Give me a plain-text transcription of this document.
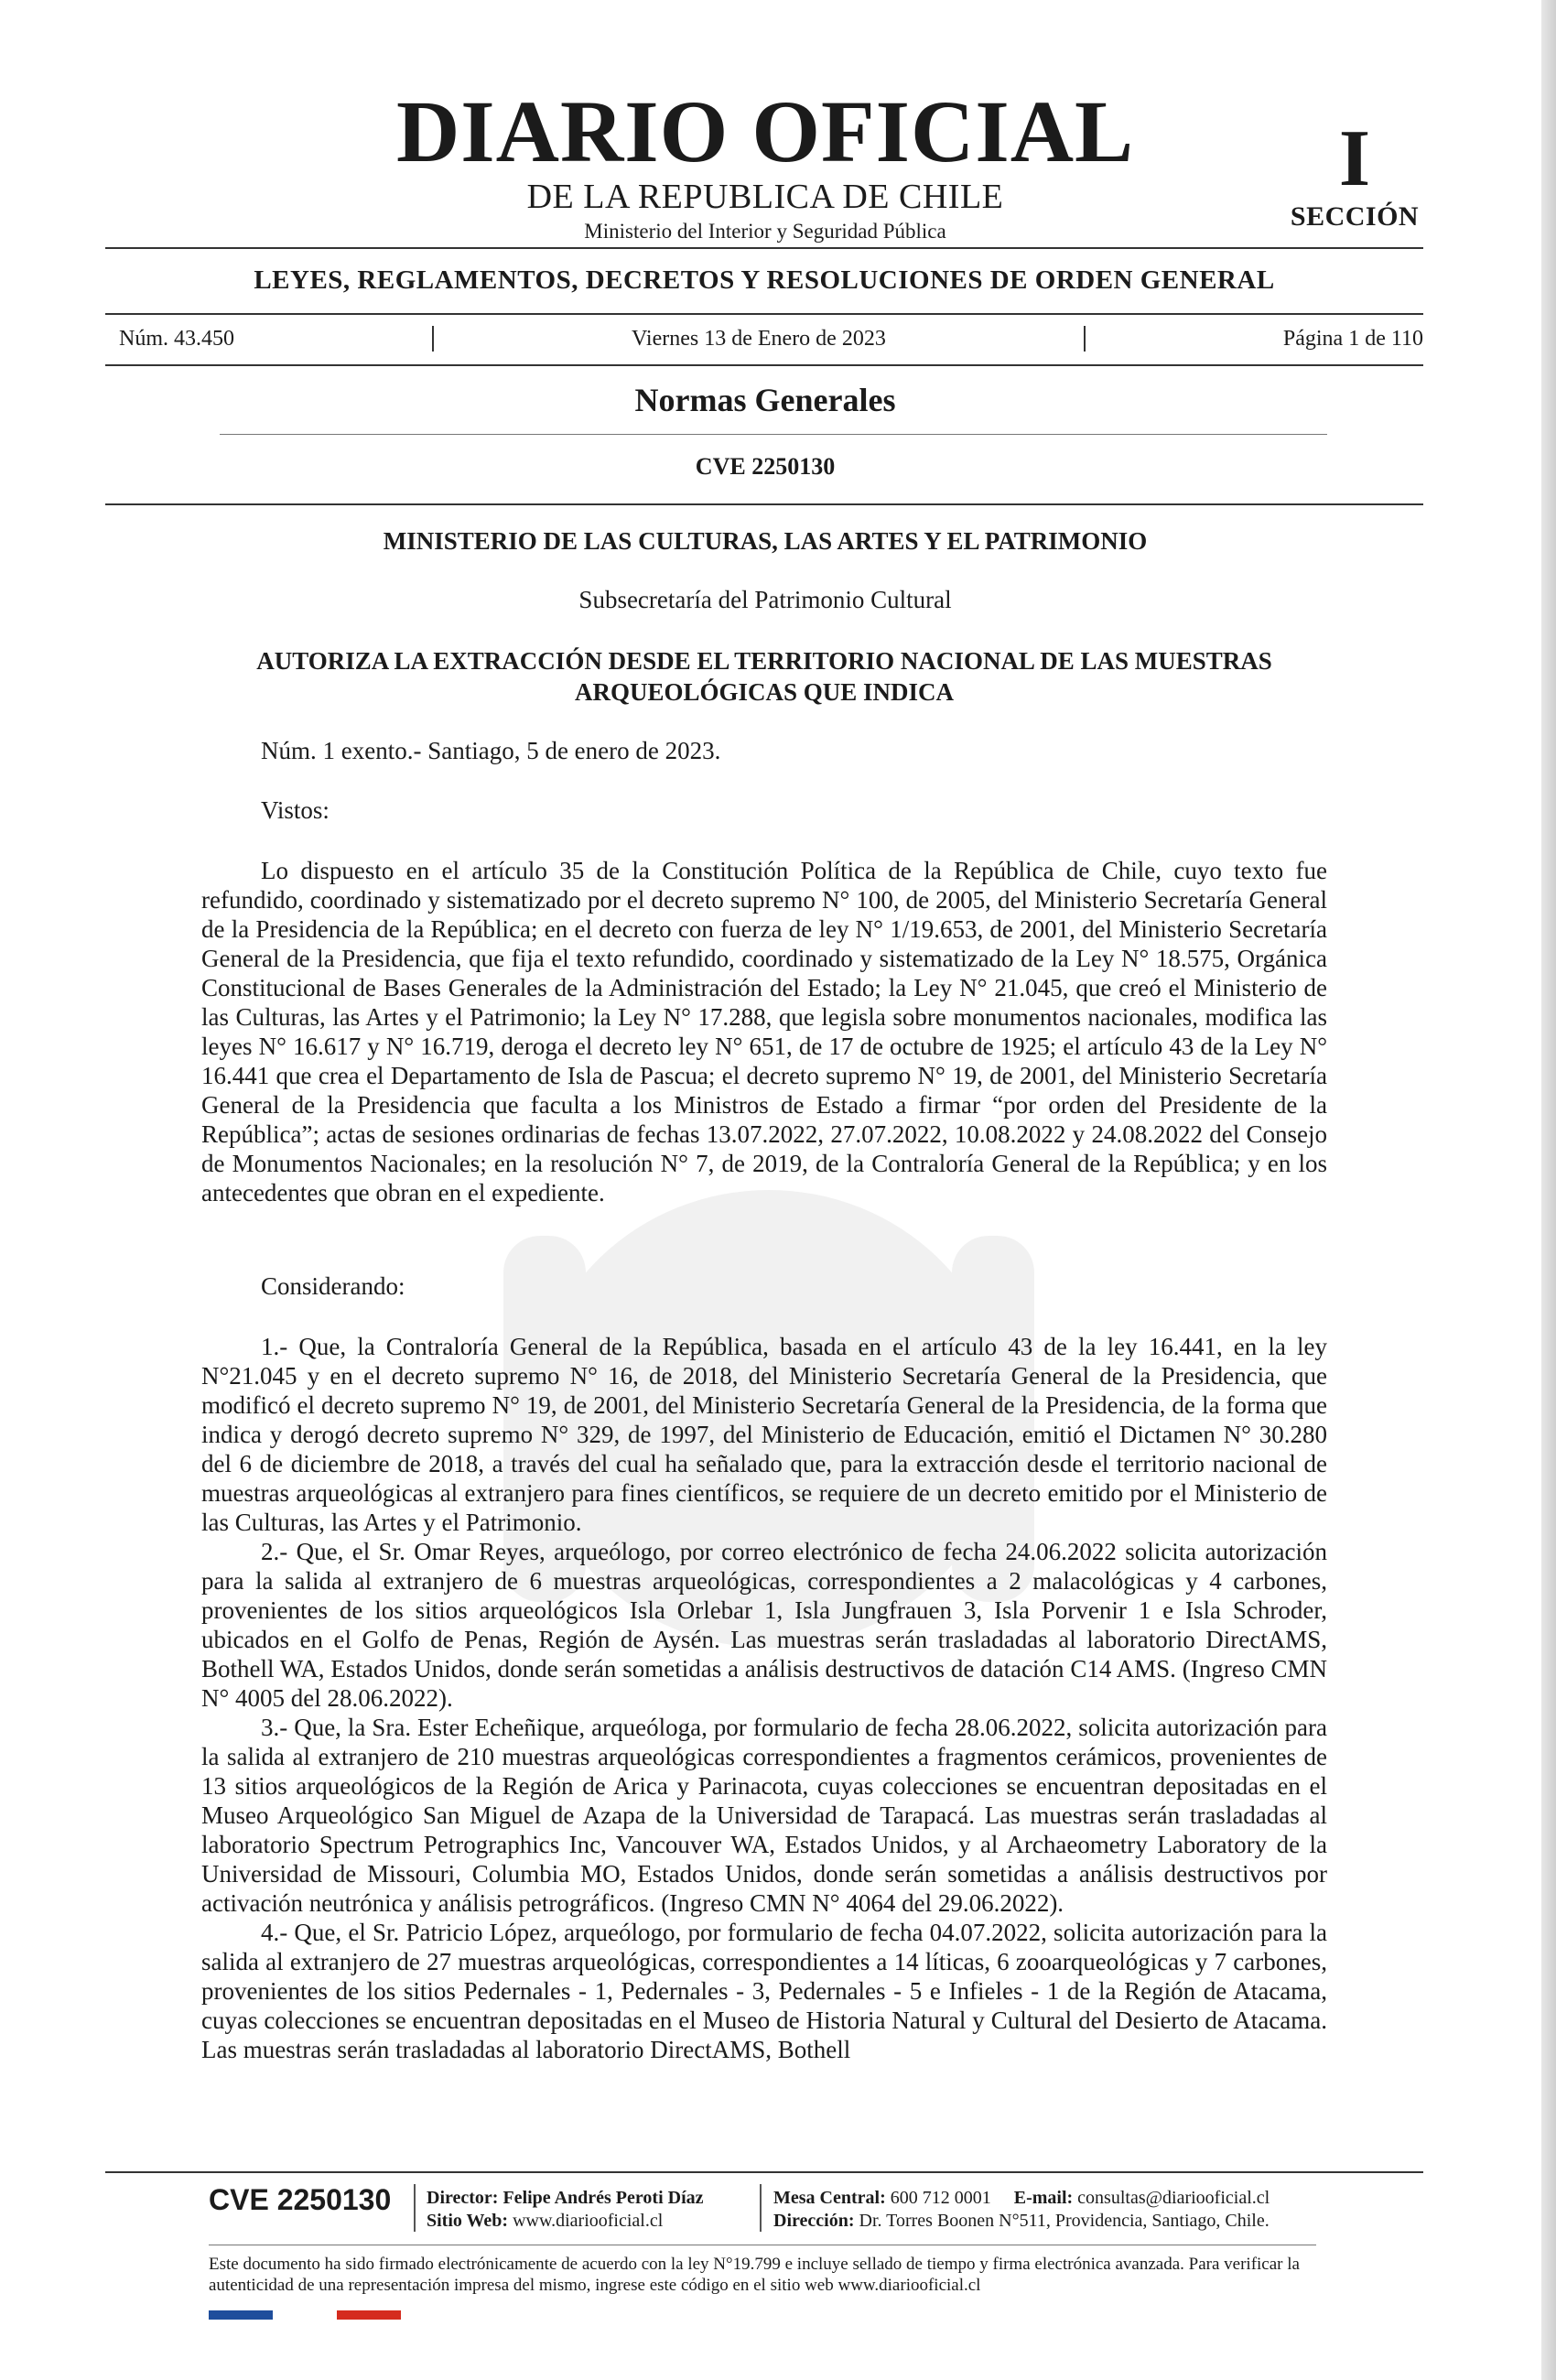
DIARIO OFICIAL
DE LA REPUBLICA DE CHILE
Ministerio del Interior y Seguridad Pública
I
SECCIÓN
LEYES, REGLAMENTOS, DECRETOS Y RESOLUCIONES DE ORDEN GENERAL
Núm. 43.450	Viernes 13 de Enero de 2023	Página 1 de 110
Normas Generales
CVE 2250130
MINISTERIO DE LAS CULTURAS, LAS ARTES Y EL PATRIMONIO
Subsecretaría del Patrimonio Cultural
AUTORIZA LA EXTRACCIÓN DESDE EL TERRITORIO NACIONAL DE LAS MUESTRAS ARQUEOLÓGICAS QUE INDICA
Núm. 1 exento.- Santiago, 5 de enero de 2023.
Vistos:

Lo dispuesto en el artículo 35 de la Constitución Política de la República de Chile, cuyo texto fue refundido, coordinado y sistematizado por el decreto supremo N° 100, de 2005, del Ministerio Secretaría General de la Presidencia de la República; en el decreto con fuerza de ley N° 1/19.653, de 2001, del Ministerio Secretaría General de la Presidencia, que fija el texto refundido, coordinado y sistematizado de la Ley N° 18.575, Orgánica Constitucional de Bases Generales de la Administración del Estado; la Ley N° 21.045, que creó el Ministerio de las Culturas, las Artes y el Patrimonio; la Ley N° 17.288, que legisla sobre monumentos nacionales, modifica las leyes N° 16.617 y N° 16.719, deroga el decreto ley N° 651, de 17 de octubre de 1925; el artículo 43 de la Ley N° 16.441 que crea el Departamento de Isla de Pascua; el decreto supremo N° 19, de 2001, del Ministerio Secretaría General de la Presidencia que faculta a los Ministros de Estado a firmar “por orden del Presidente de la República”; actas de sesiones ordinarias de fechas 13.07.2022, 27.07.2022, 10.08.2022 y 24.08.2022 del Consejo de Monumentos Nacionales; en la resolución N° 7, de 2019, de la Contraloría General de la República; y en los antecedentes que obran en el expediente.

Considerando:

1.- Que, la Contraloría General de la República, basada en el artículo 43 de la ley 16.441, en la ley N°21.045 y en el decreto supremo N° 16, de 2018, del Ministerio Secretaría General de la Presidencia, que modificó el decreto supremo N° 19, de 2001, del Ministerio Secretaría General de la Presidencia, de la forma que indica y derogó decreto supremo N° 329, de 1997, del Ministerio de Educación, emitió el Dictamen N° 30.280 del 6 de diciembre de 2018, a través del cual ha señalado que, para la extracción desde el territorio nacional de muestras arqueológicas al extranjero para fines científicos, se requiere de un decreto emitido por el Ministerio de las Culturas, las Artes y el Patrimonio.

2.- Que, el Sr. Omar Reyes, arqueólogo, por correo electrónico de fecha 24.06.2022 solicita autorización para la salida al extranjero de 6 muestras arqueológicas, correspondientes a 2 malacológicas y 4 carbones, provenientes de los sitios arqueológicos Isla Orlebar 1, Isla Jungfrauen 3, Isla Porvenir 1 e Isla Schroder, ubicados en el Golfo de Penas, Región de Aysén. Las muestras serán trasladadas al laboratorio DirectAMS, Bothell WA, Estados Unidos, donde serán sometidas a análisis destructivos de datación C14 AMS. (Ingreso CMN N° 4005 del 28.06.2022).

3.- Que, la Sra. Ester Echeñique, arqueóloga, por formulario de fecha 28.06.2022, solicita autorización para la salida al extranjero de 210 muestras arqueológicas correspondientes a fragmentos cerámicos, provenientes de 13 sitios arqueológicos de la Región de Arica y Parinacota, cuyas colecciones se encuentran depositadas en el Museo Arqueológico San Miguel de Azapa de la Universidad de Tarapacá. Las muestras serán trasladadas al laboratorio Spectrum Petrographics Inc, Vancouver WA, Estados Unidos, y al Archaeometry Laboratory de la Universidad de Missouri, Columbia MO, Estados Unidos, donde serán sometidas a análisis destructivos por activación neutrónica y análisis petrográficos. (Ingreso CMN N° 4064 del 29.06.2022).

4.- Que, el Sr. Patricio López, arqueólogo, por formulario de fecha 04.07.2022, solicita autorización para la salida al extranjero de 27 muestras arqueológicas, correspondientes a 14 líticas, 6 zooarqueológicas y 7 carbones, provenientes de los sitios Pedernales - 1, Pedernales - 3, Pedernales - 5 e Infieles - 1 de la Región de Atacama, cuyas colecciones se encuentran depositadas en el Museo de Historia Natural y Cultural del Desierto de Atacama. Las muestras serán trasladadas al laboratorio DirectAMS, Bothell

CVE 2250130 Director: Felipe Andrés Peroti Díaz
Sitio Web: www.diariooficial.cl
Mesa Central: 600 712 0001 E-mail: consultas@diariooficial.cl
Dirección: Dr. Torres Boonen N°511, Providencia, Santiago, Chile.
Este documento ha sido firmado electrónicamente de acuerdo con la ley N°19.799 e incluye sellado de tiempo y firma electrónica avanzada. Para verificar la autenticidad de una representación impresa del mismo, ingrese este código en el sitio web www.diariooficial.cl
